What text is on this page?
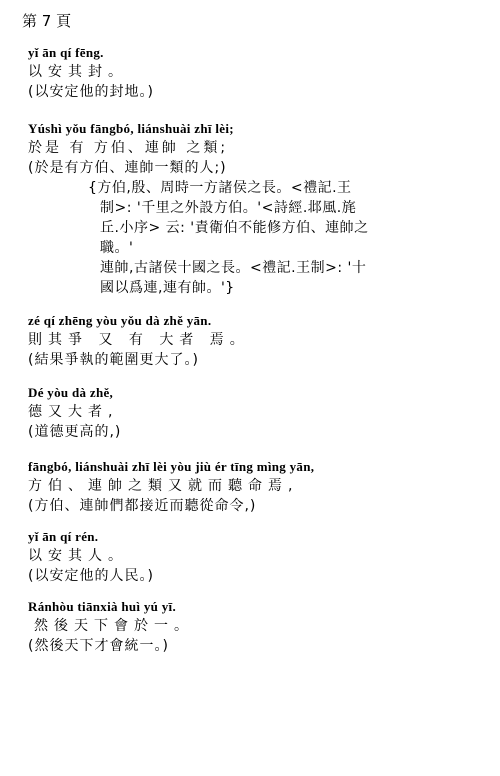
第 7 頁
yǐ ān qí fēng.
以安其封。
(以安定他的封地。)
Yúshì yǒu fāngbó, liánshuài zhī lèi;
於是 有 方伯、連帥 之類;
(於是有方伯、連帥一類的人;)
{方伯,殷、周時一方諸侯之長。<禮記.王
制>: '千里之外設方伯。'<詩經.邶風.旄
丘.小序> 云: '責衛伯不能修方伯、連帥之
職。'
連帥,古諸侯十國之長。<禮記.王制>: '十
國以爲連,連有帥。'}
zé qí zhēng yòu yǒu dà zhě yān.
則其爭 又 有 大者 焉。
(結果爭執的範圍更大了。)
Dé yòu dà zhě,
德又大者,
(道德更高的,)
fāngbó, liánshuài zhī lèi yòu jiù ér tīng mìng yān,
方伯、連帥之類又就而聽命焉,
(方伯、連帥們都接近而聽從命令,)
yǐ ān qí rén.
以安其人。
(以安定他的人民。)
Ránhòu tiānxià huì yú yī.
然後天下會於一。
(然後天下才會統一。)
